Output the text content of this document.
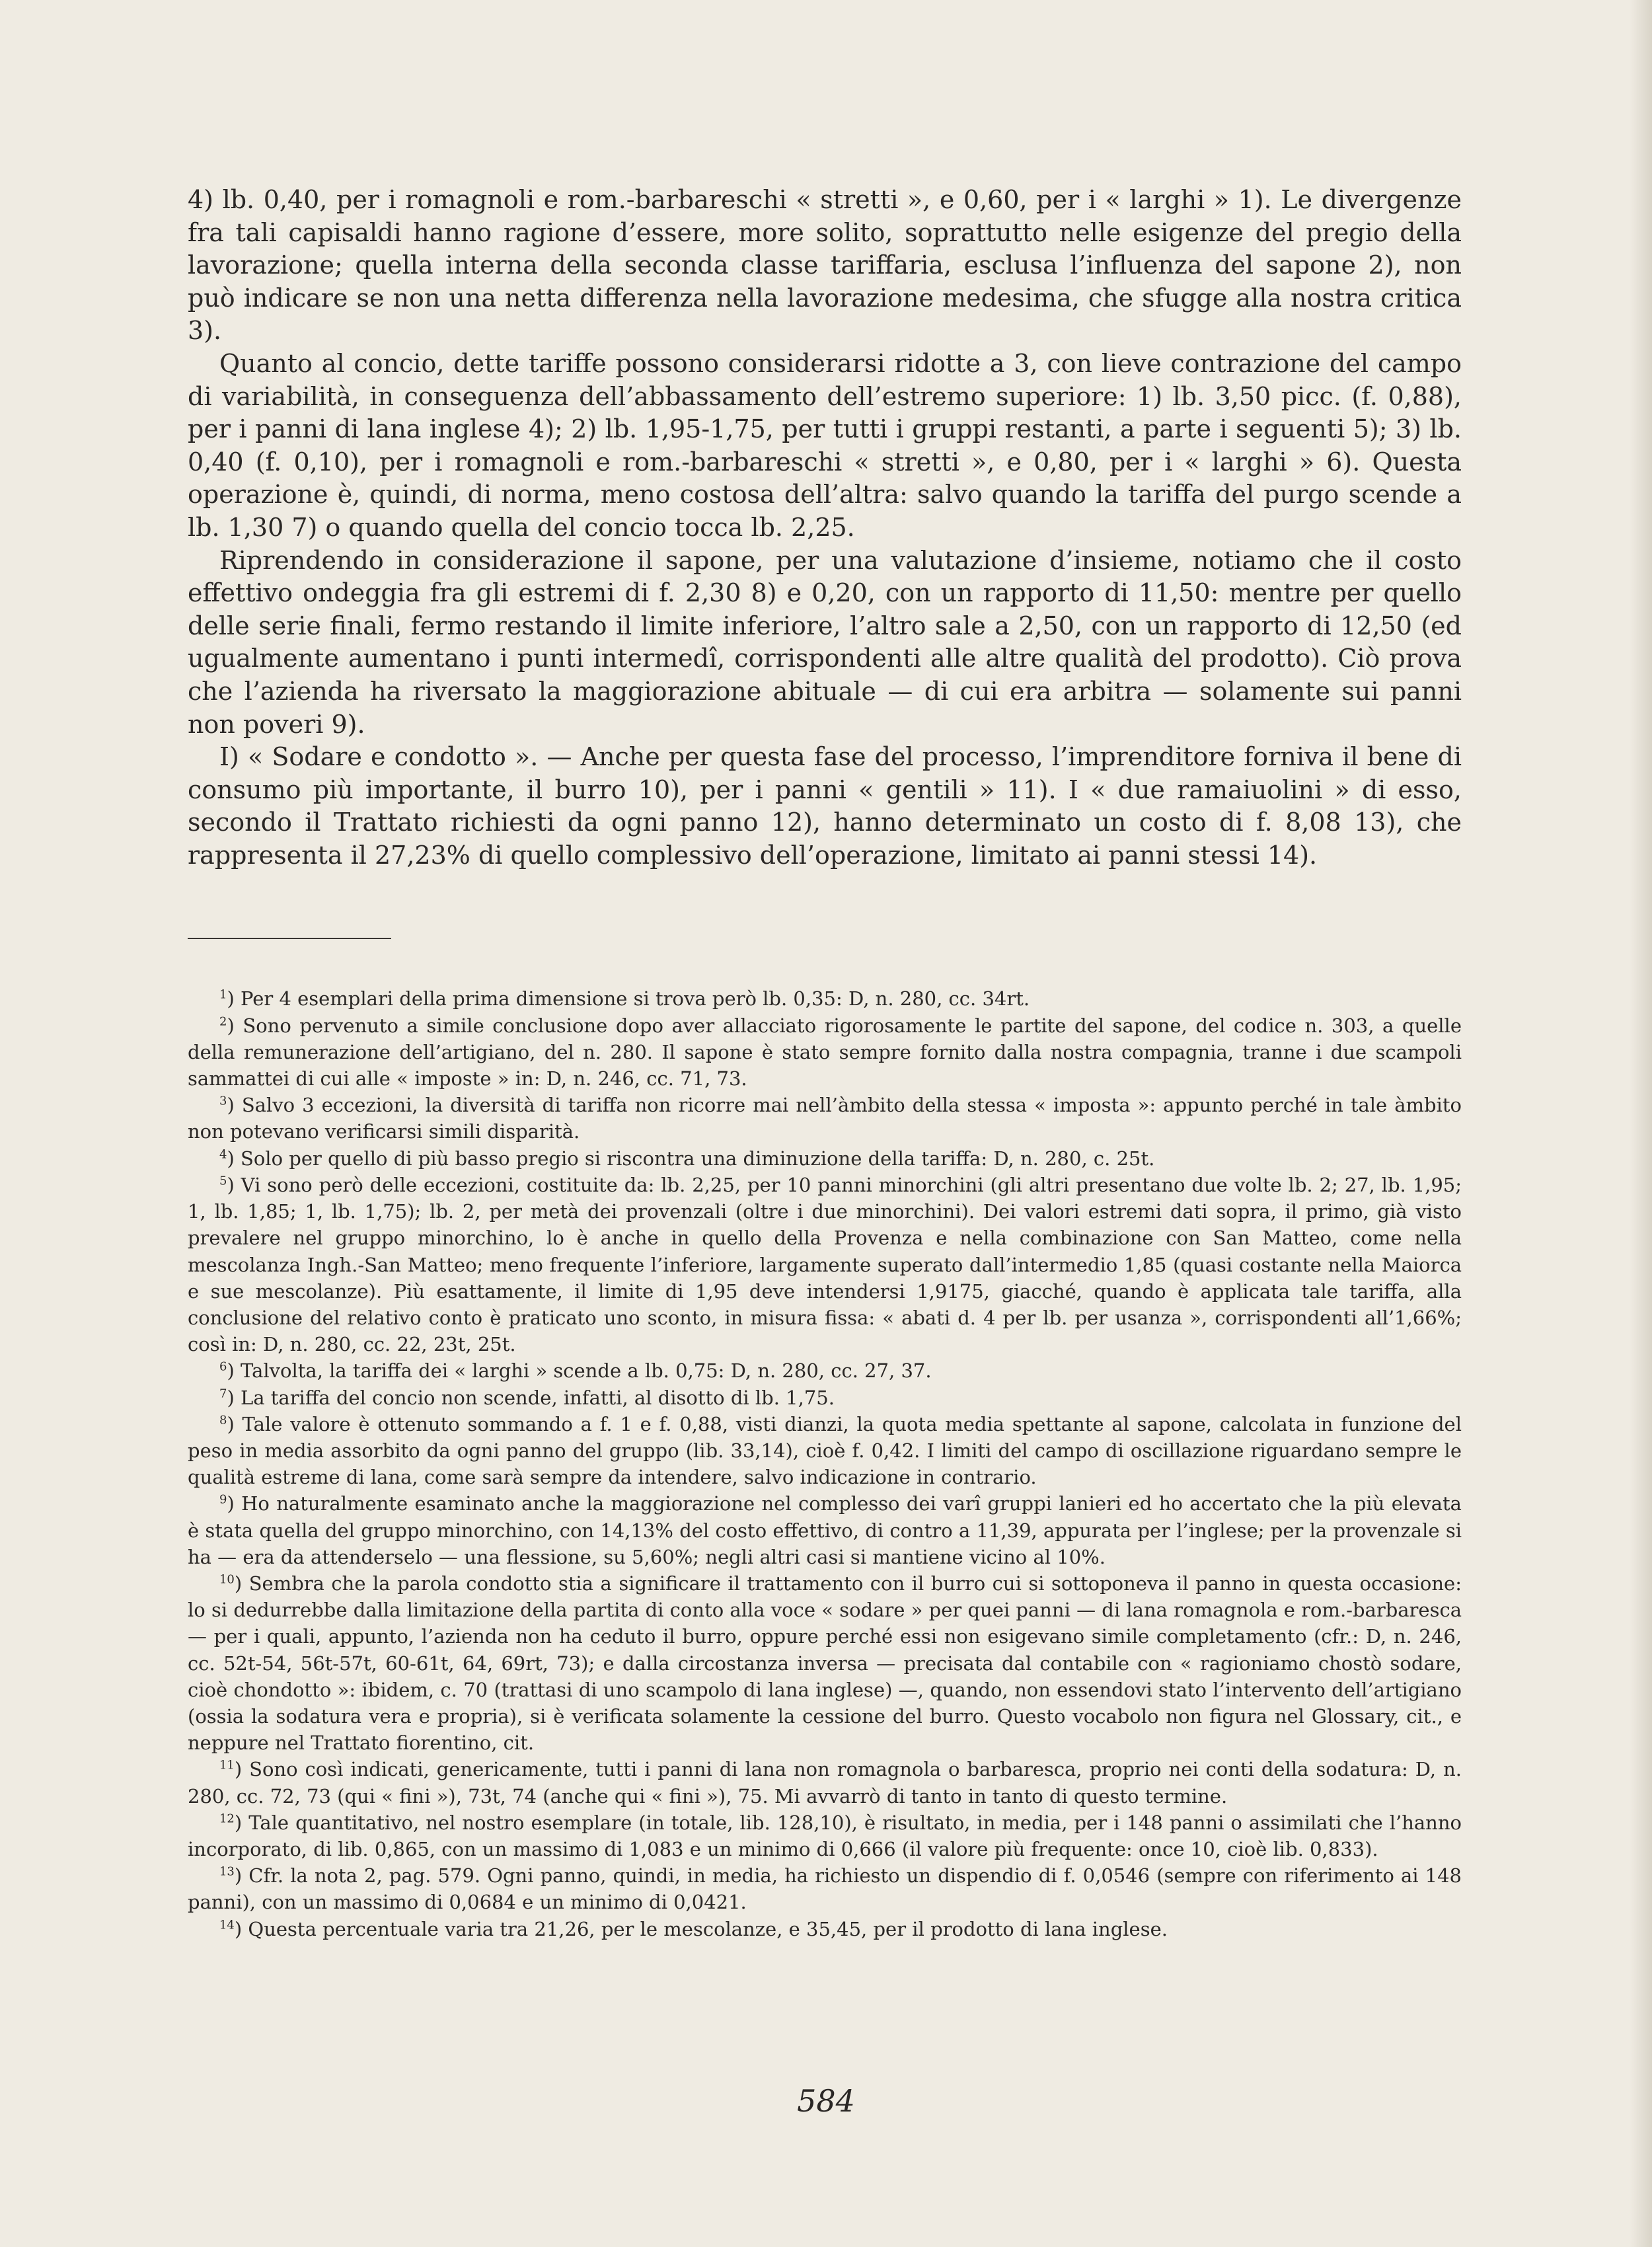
4) lb. 0,40, per i romagnoli e rom.-barbareschi « stretti », e 0,60, per i « larghi » 1). Le divergenze fra tali capisaldi hanno ragione d’essere, more solito, soprattutto nelle esigenze del pregio della lavorazione; quella interna della seconda classe tariffaria, esclusa l’influenza del sapone 2), non può indicare se non una netta differenza nella lavorazione medesima, che sfugge alla nostra critica 3).

Quanto al concio, dette tariffe possono considerarsi ridotte a 3, con lieve contrazione del campo di variabilità, in conseguenza dell’abbassamento dell’estremo superiore: 1) lb. 3,50 picc. (f. 0,88), per i panni di lana inglese 4); 2) lb. 1,95-1,75, per tutti i gruppi restanti, a parte i seguenti 5); 3) lb. 0,40 (f. 0,10), per i romagnoli e rom.-barbareschi « stretti », e 0,80, per i « larghi » 6). Questa operazione è, quindi, di norma, meno costosa dell’altra: salvo quando la tariffa del purgo scende a lb. 1,30 7) o quando quella del concio tocca lb. 2,25.

Riprendendo in considerazione il sapone, per una valutazione d’insieme, notiamo che il costo effettivo ondeggia fra gli estremi di f. 2,30 8) e 0,20, con un rapporto di 11,50: mentre per quello delle serie finali, fermo restando il limite inferiore, l’altro sale a 2,50, con un rapporto di 12,50 (ed ugualmente aumentano i punti intermedî, corrispondenti alle altre qualità del prodotto). Ciò prova che l’azienda ha riversato la maggiorazione abituale — di cui era arbitra — solamente sui panni non poveri 9).

I) « Sodare e condotto ». — Anche per questa fase del processo, l’imprenditore forniva il bene di consumo più importante, il burro 10), per i panni « gentili » 11). I « due ramaiuolini » di esso, secondo il Trattato richiesti da ogni panno 12), hanno determinato un costo di f. 8,08 13), che rappresenta il 27,23% di quello complessivo dell’operazione, limitato ai panni stessi 14).

$^1$) Per 4 esemplari della prima dimensione si trova però lb. 0,35: D, n. 280, cc. 34rt.

$^2$) Sono pervenuto a simile conclusione dopo aver allacciato rigorosamente le partite del sapone, del codice n. 303, a quelle della remunerazione dell’artigiano, del n. 280. Il sapone è stato sempre fornito dalla nostra compagnia, tranne i due scampoli sammattei di cui alle « imposte » in: D, n. 246, cc. 71, 73.

$^3$) Salvo 3 eccezioni, la diversità di tariffa non ricorre mai nell’àmbito della stessa « imposta »: appunto perché in tale àmbito non potevano verificarsi simili disparità.

$^4$) Solo per quello di più basso pregio si riscontra una diminuzione della tariffa: D, n. 280, c. 25t.

$^5$) Vi sono però delle eccezioni, costituite da: lb. 2,25, per 10 panni minorchini (gli altri presentano due volte lb. 2; 27, lb. 1,95; 1, lb. 1,85; 1, lb. 1,75); lb. 2, per metà dei provenzali (oltre i due minorchini). Dei valori estremi dati sopra, il primo, già visto prevalere nel gruppo minorchino, lo è anche in quello della Provenza e nella combinazione con San Matteo, come nella mescolanza Ingh.-San Matteo; meno frequente l’inferiore, largamente superato dall’intermedio 1,85 (quasi costante nella Maiorca e sue mescolanze). Più esattamente, il limite di 1,95 deve intendersi 1,9175, giacché, quando è applicata tale tariffa, alla conclusione del relativo conto è praticato uno sconto, in misura fissa: « abati d. 4 per lb. per usanza », corrispondenti all’1,66%; così in: D, n. 280, cc. 22, 23t, 25t.

$^6$) Talvolta, la tariffa dei « larghi » scende a lb. 0,75: D, n. 280, cc. 27, 37.

$^7$) La tariffa del concio non scende, infatti, al disotto di lb. 1,75.

$^8$) Tale valore è ottenuto sommando a f. 1 e f. 0,88, visti dianzi, la quota media spettante al sapone, calcolata in funzione del peso in media assorbito da ogni panno del gruppo (lib. 33,14), cioè f. 0,42. I limiti del campo di oscillazione riguardano sempre le qualità estreme di lana, come sarà sempre da intendere, salvo indicazione in contrario.

$^9$) Ho naturalmente esaminato anche la maggiorazione nel complesso dei varî gruppi lanieri ed ho accertato che la più elevata è stata quella del gruppo minorchino, con 14,13% del costo effettivo, di contro a 11,39, appurata per l’inglese; per la provenzale si ha — era da attenderselo — una flessione, su 5,60%; negli altri casi si mantiene vicino al 10%.

$^{10}$) Sembra che la parola condotto stia a significare il trattamento con il burro cui si sottoponeva il panno in questa occasione: lo si dedurrebbe dalla limitazione della partita di conto alla voce « sodare » per quei panni — di lana romagnola e rom.-barbaresca — per i quali, appunto, l’azienda non ha ceduto il burro, oppure perché essi non esigevano simile completamento (cfr.: D, n. 246, cc. 52t-54, 56t-57t, 60-61t, 64, 69rt, 73); e dalla circostanza inversa — precisata dal contabile con « ragioniamo chostò sodare, cioè chondotto »: ibidem, c. 70 (trattasi di uno scampolo di lana inglese) —, quando, non essendovi stato l’intervento dell’artigiano (ossia la sodatura vera e propria), si è verificata solamente la cessione del burro. Questo vocabolo non figura nel Glossary, cit., e neppure nel Trattato fiorentino, cit.

$^{11}$) Sono così indicati, genericamente, tutti i panni di lana non romagnola o barbaresca, proprio nei conti della sodatura: D, n. 280, cc. 72, 73 (qui « fini »), 73t, 74 (anche qui « fini »), 75. Mi avvarrò di tanto in tanto di questo termine.

$^{12}$) Tale quantitativo, nel nostro esemplare (in totale, lib. 128,10), è risultato, in media, per i 148 panni o assimilati che l’hanno incorporato, di lib. 0,865, con un massimo di 1,083 e un minimo di 0,666 (il valore più frequente: once 10, cioè lib. 0,833).

$^{13}$) Cfr. la nota 2, pag. 579. Ogni panno, quindi, in media, ha richiesto un dispendio di f. 0,0546 (sempre con riferimento ai 148 panni), con un massimo di 0,0684 e un minimo di 0,0421.

$^{14}$) Questa percentuale varia tra 21,26, per le mescolanze, e 35,45, per il prodotto di lana inglese.

584
